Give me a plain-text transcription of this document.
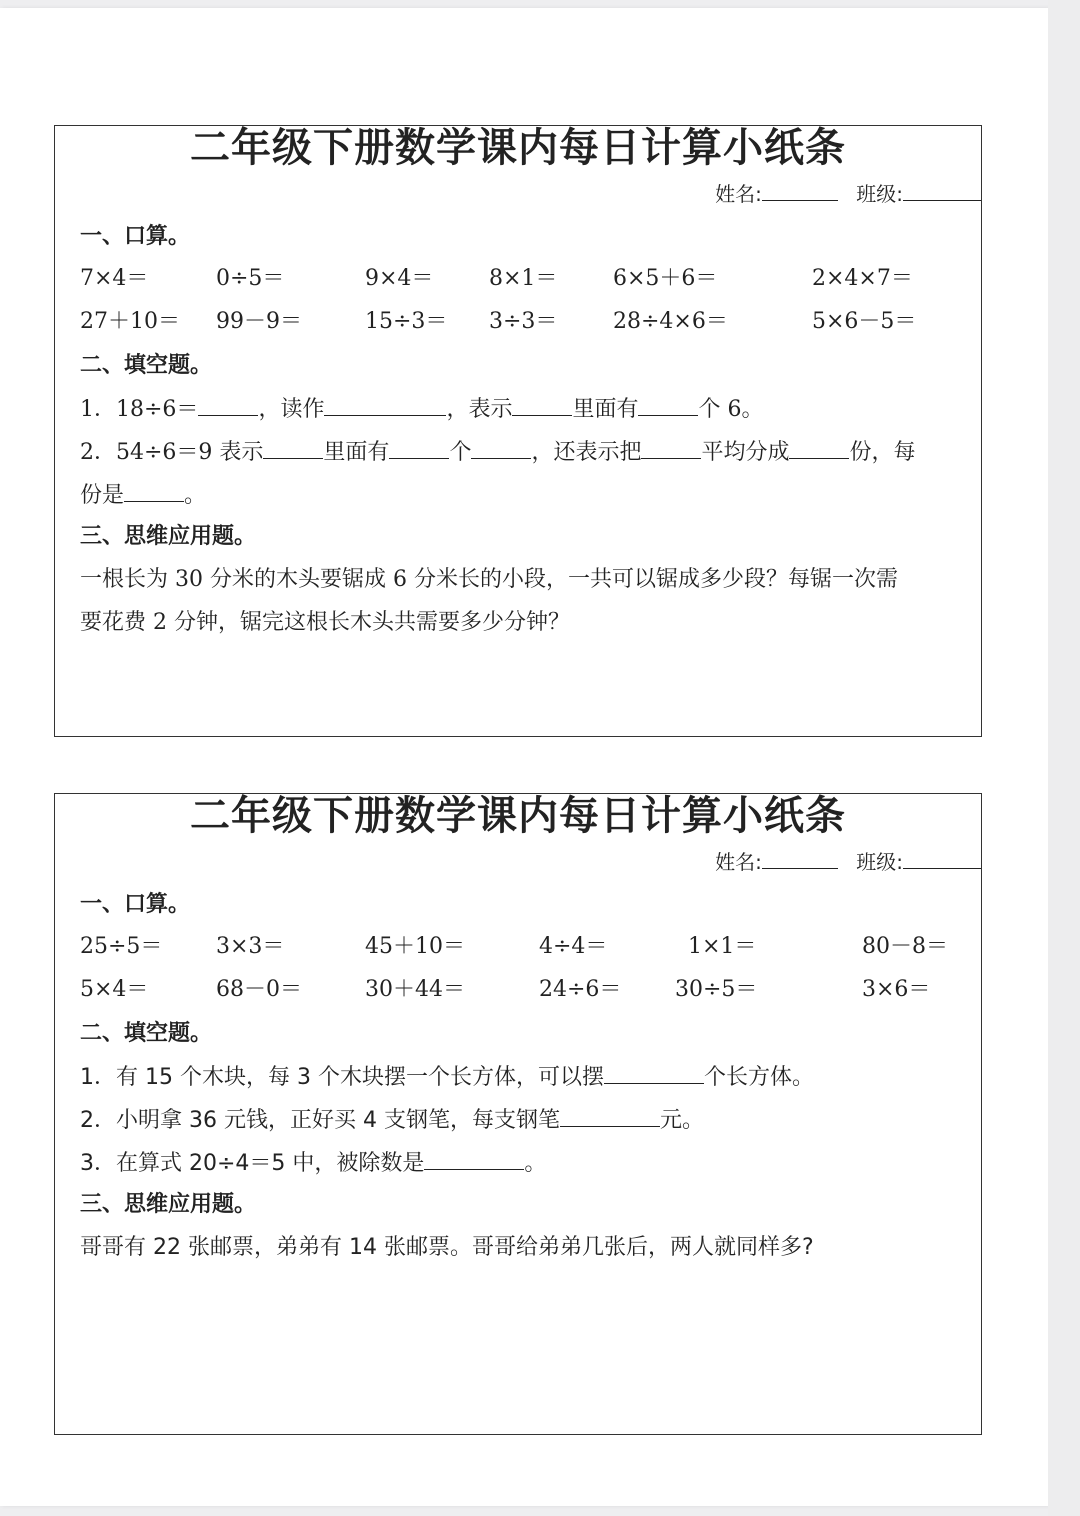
二年级下册数学课内每日计算小纸条
姓名:	班级:
一、口算。
7×4＝	0÷5＝	9×4＝	8×1＝	6×5＋6＝	2×4×7＝
27＋10＝ 99－9＝	15÷3＝ 3÷3＝	28÷4×6＝	5×6－5＝
二、填空题。
1．18÷6＝	，读作	，表示	里面有	个 6。
2．54÷6＝9 表示	里面有	个	，还表示把	平均分成	份，每
份是	。
三、思维应用题。
一根长为 30 分米的木头要锯成 6 分米长的小段，一共可以锯成多少段？每锯一次需
要花费 2 分钟，锯完这根长木头共需要多少分钟？
二年级下册数学课内每日计算小纸条
姓名:	班级:
一、口算。
25÷5＝ 3×3＝	45＋10＝	4÷4＝	1×1＝	80－8＝
5×4＝	68－0＝	30＋44＝	24÷6＝ 30÷5＝	3×6＝
二、填空题。
1．有 15 个木块，每 3 个木块摆一个长方体，可以摆	个长方体。
2．小明拿 36 元钱，正好买 4 支钢笔，每支钢笔	元。
3．在算式 20÷4＝5 中，被除数是	。
三、思维应用题。
哥哥有 22 张邮票，弟弟有 14 张邮票。哥哥给弟弟几张后，两人就同样多?
